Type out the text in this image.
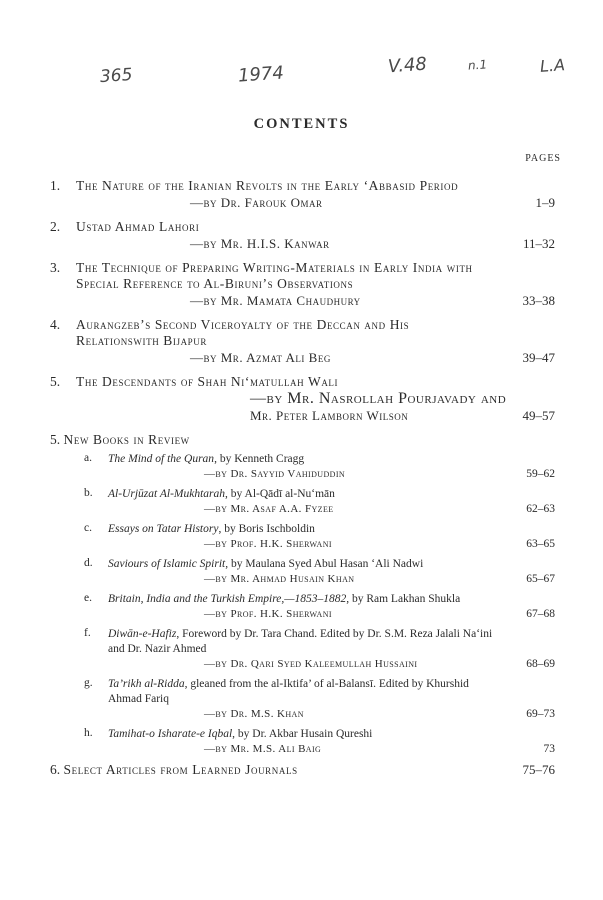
365	1974	V.48	n.1	L.A
CONTENTS
PAGES
1. The Nature of the Iranian Revolts in the Early ‘Abbasid Period
—by Dr. Farouk Omar	1–9
2. Ustad Ahmad Lahori
—by Mr. H.I.S. Kanwar	11–32
3. The Technique of Preparing Writing-Materials in Early India with Special Reference to Al-Biruni’s Observations
—by Mr. Mamata Chaudhury	33–38
4. Aurangzeb’s Second Viceroyalty of the Deccan and His Relationswith Bijapur
—by Mr. Azmat Ali Beg	39–47
5. The Descendants of Shah Ni‘matullah Wali
—by Mr. Nasrollah Pourjavady and
Mr. Peter Lamborn Wilson	49–57
5. New Books in Review
a. The Mind of the Quran, by Kenneth Cragg
—by Dr. Sayyid Vahiduddin	59–62
b. Al-Urjūzat Al-Mukhtarah, by Al-Qādī al-Nu‘mān
—by Mr. Asaf A.A. Fyzee	62–63
c. Essays on Tatar History, by Boris Ischboldin
—by Prof. H.K. Sherwani	63–65
d. Saviours of Islamic Spirit, by Maulana Syed Abul Hasan ‘Ali Nadwi
—by Mr. Ahmad Husain Khan	65–67
e. Britain, India and the Turkish Empire,—1853–1882, by Ram Lakhan Shukla
—by Prof. H.K. Sherwani	67–68
f. Diwān-e-Hafiz, Foreword by Dr. Tara Chand. Edited by Dr. S.M. Reza Jalali Na‘ini and Dr. Nazir Ahmed
—by Dr. Qari Syed Kaleemullah Hussaini	68–69
g. Ta’rikh al-Ridda, gleaned from the al-Iktifa’ of al-Balansī. Edited by Khurshid Ahmad Fariq
—by Dr. M.S. Khan	69–73
h. Tamihat-o Isharate-e Iqbal, by Dr. Akbar Husain Qureshi
—by Mr. M.S. Ali Baig	73
6. Select Articles from Learned Journals	75–76
